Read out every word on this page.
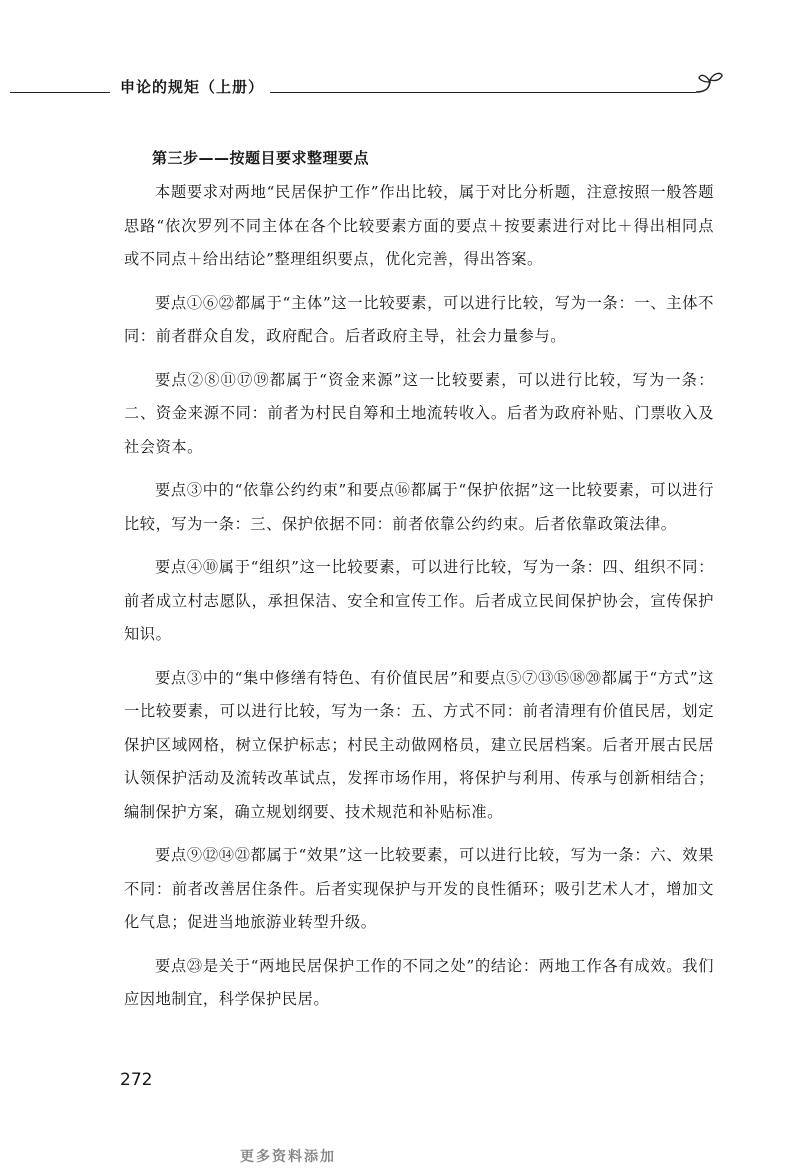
申论的规矩（上册）
第三步——按题目要求整理要点

本题要求对两地“民居保护工作”作出比较，属于对比分析题，注意按照一般答题思路“依次罗列不同主体在各个比较要素方面的要点＋按要素进行对比＋得出相同点或不同点＋给出结论”整理组织要点，优化完善，得出答案。

要点①⑥㉒都属于“主体”这一比较要素，可以进行比较，写为一条：一、主体不同：前者群众自发，政府配合。后者政府主导，社会力量参与。

要点②⑧⑪⑰⑲都属于“资金来源”这一比较要素，可以进行比较，写为一条：二、资金来源不同：前者为村民自筹和土地流转收入。后者为政府补贴、门票收入及社会资本。

要点③中的“依靠公约约束”和要点⑯都属于“保护依据”这一比较要素，可以进行比较，写为一条：三、保护依据不同：前者依靠公约约束。后者依靠政策法律。

要点④⑩属于“组织”这一比较要素，可以进行比较，写为一条：四、组织不同：前者成立村志愿队，承担保洁、安全和宣传工作。后者成立民间保护协会，宣传保护知识。

要点③中的“集中修缮有特色、有价值民居”和要点⑤⑦⑬⑮⑱⑳都属于“方式”这一比较要素，可以进行比较，写为一条：五、方式不同：前者清理有价值民居，划定保护区域网格，树立保护标志；村民主动做网格员，建立民居档案。后者开展古民居认领保护活动及流转改革试点，发挥市场作用，将保护与利用、传承与创新相结合；编制保护方案，确立规划纲要、技术规范和补贴标准。

要点⑨⑫⑭㉑都属于“效果”这一比较要素，可以进行比较，写为一条：六、效果不同：前者改善居住条件。后者实现保护与开发的良性循环；吸引艺术人才，增加文化气息；促进当地旅游业转型升级。

要点㉓是关于“两地民居保护工作的不同之处”的结论：两地工作各有成效。我们应因地制宜，科学保护民居。

272
更多资料添加
